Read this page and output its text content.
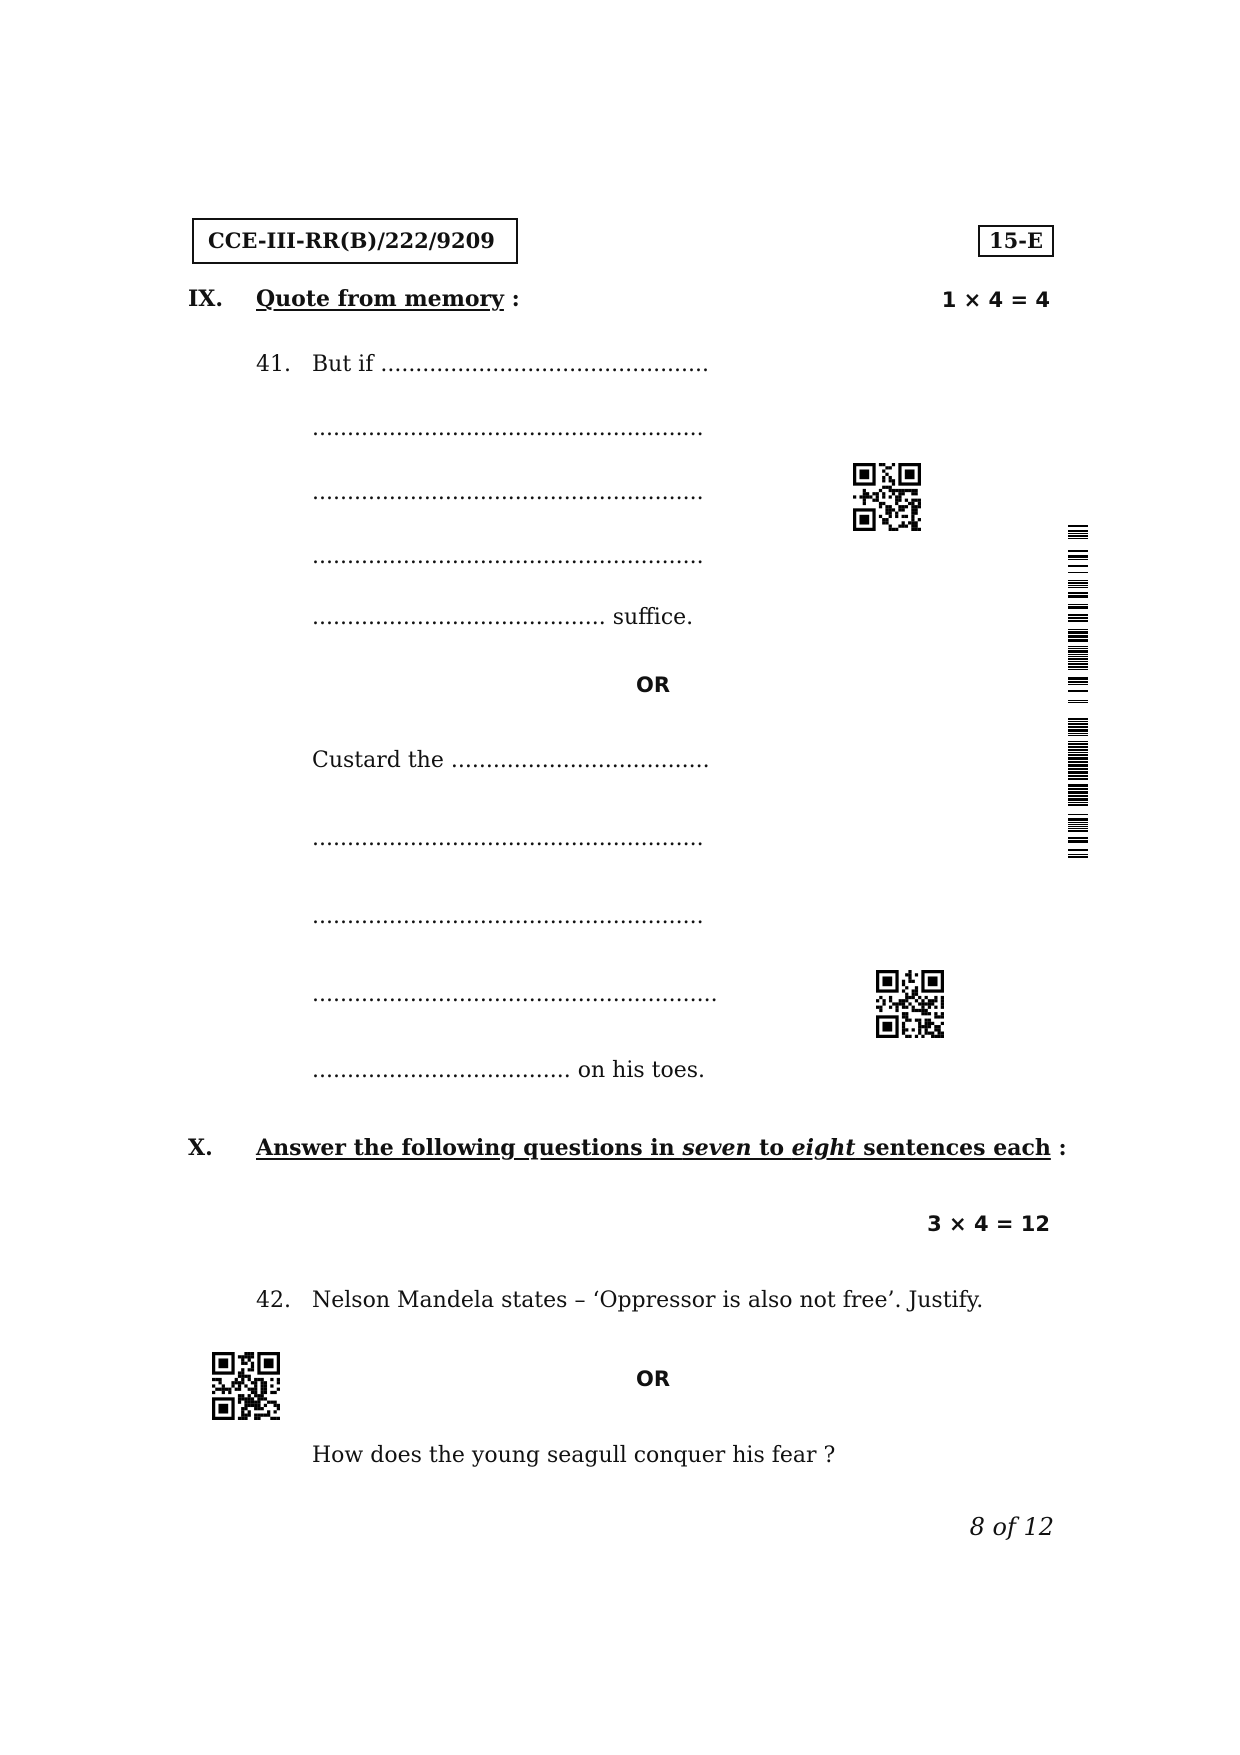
CCE-III-RR(B)/222/9209	15-E
IX. Quote from memory :	1 × 4 = 4
41. But if ...............................................
........................................................
........................................................
........................................................
.......................................... suffice.
OR
Custard the .....................................
........................................................
........................................................
..........................................................
..................................... on his toes.
X. Answer the following questions in seven to eight sentences each :
3 × 4 = 12
42. Nelson Mandela states – ‘Oppressor is also not free’. Justify.
OR
How does the young seagull conquer his fear ?
8 of 12
